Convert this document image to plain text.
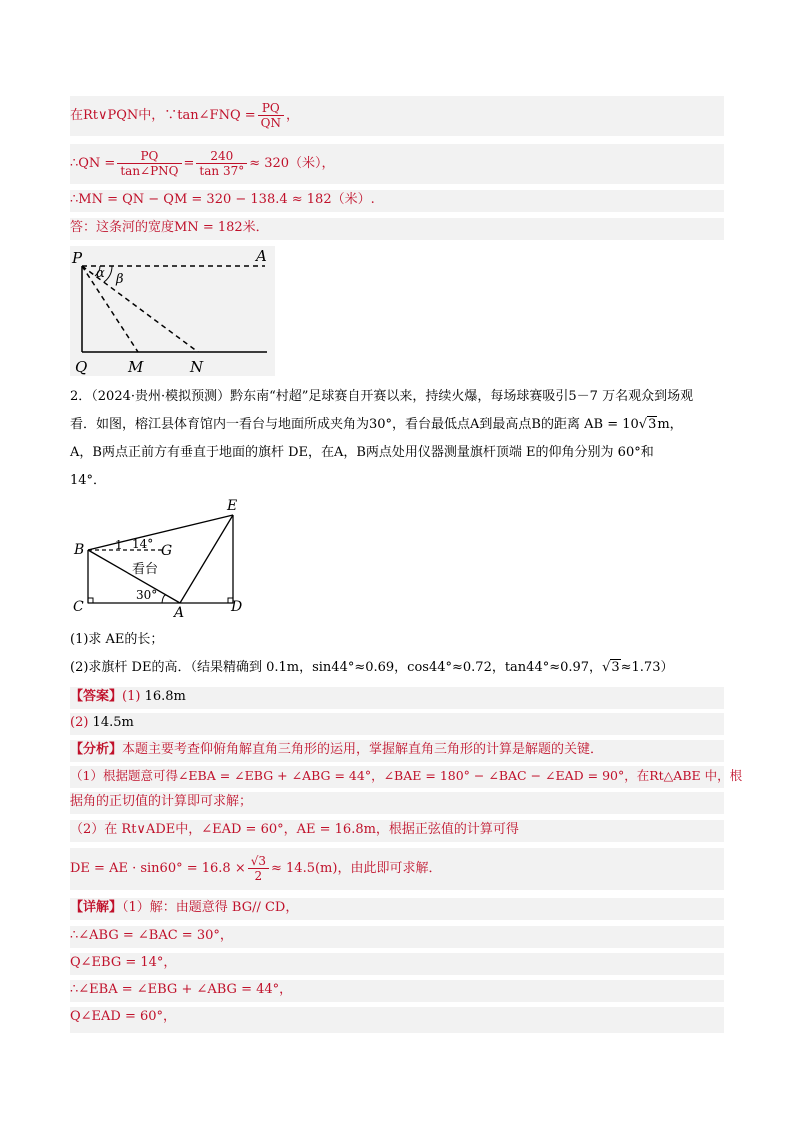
在Rt∨PQN中，∵tan∠FNQ = $\frac{PQ}{QN}$ ，
∴QN = $\frac{PQ}{\text{tan∠PNQ}} = \frac{240}{\tan 37^\circ} \approx 320$（米），
∴MN = QN − QM = 320 − 138.4 ≈ 182（米）.
答：这条河的宽度MN = 182米．
P	A
α β
Q	M	N
2．（2024·贵州·模拟预测）黔东南“村超”足球赛自开赛以来，持续火爆，每场球赛吸引5－7 万名观众到场观
看．如图，榕江县体育馆内一看台与地面所成夹角为30°，看台最低点A到最高点B的距离 AB = 10√3m，
A，B两点正前方有垂直于地面的旗杆 DE，在A，B两点处用仪器测量旗杆顶端 E的仰角分别为 60°和
14°．
E
B	G
1 14°
看台
30°
C	A	D
(1)求 AE的长；
(2)求旗杆 DE的高．（结果精确到 0.1m，sin44°≈0.69，cos44°≈0.72，tan44°≈0.97，√3≈1.73）
【答案】(1) 16.8m
(2) 14.5m
【分析】本题主要考查仰俯角解直角三角形的运用，掌握解直角三角形的计算是解题的关键．
（1）根据题意可得∠EBA = ∠EBG + ∠ABG = 44°，∠BAE = 180° − ∠BAC − ∠EAD = 90°，在Rt△ABE 中，根
据角的正切值的计算即可求解；
（2）在 Rt∨ADE中，∠EAD = 60°，AE = 16.8m，根据正弦值的计算可得
DE = AE · $\sin 60^\circ = 16.8 \times \frac{√3}{2} \approx 14.5(m)$，由此即可求解．
【详解】（1）解：由题意得 BG// CD，
∴∠ABG = ∠BAC = 30°，
Q∠EBG = 14°，
∴∠EBA = ∠EBG + ∠ABG = 44°，
Q∠EAD = 60°，
